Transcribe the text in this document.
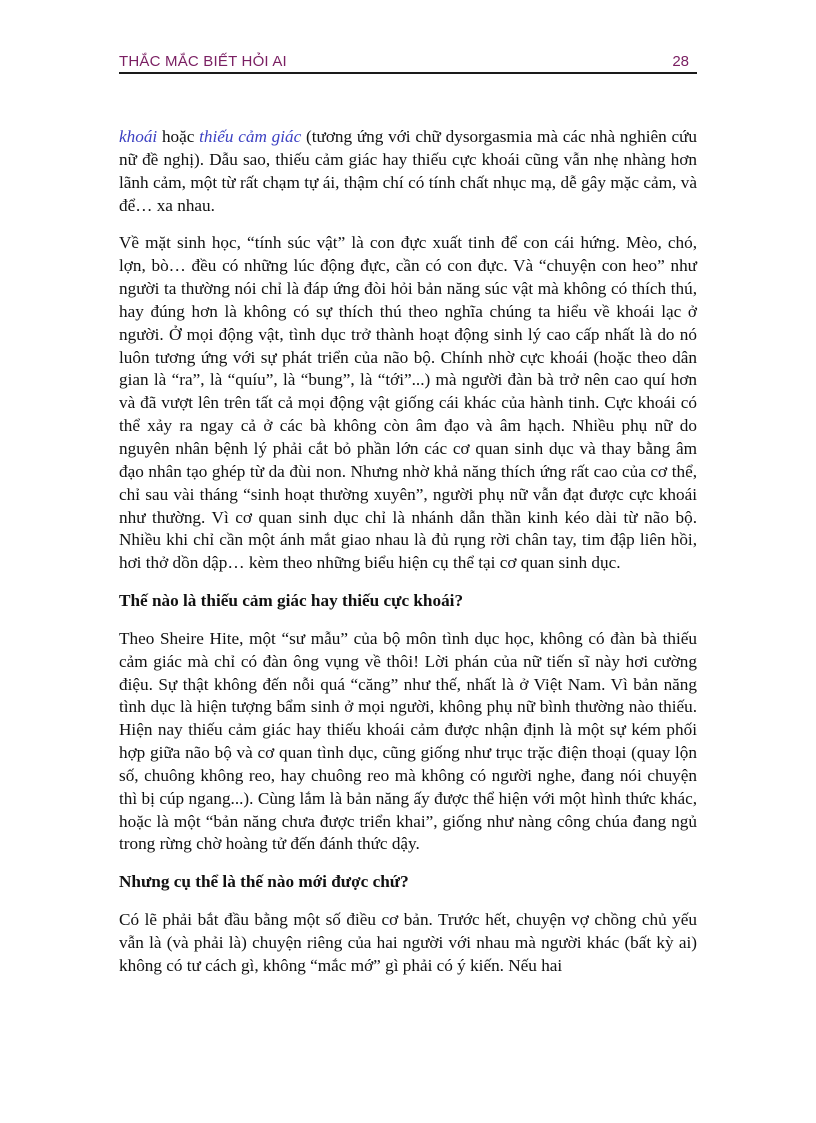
THẮC MẮC BIẾT HỎI AI	28

khoái hoặc thiếu cảm giác (tương ứng với chữ dysorgasmia mà các nhà nghiên cứu nữ đề nghị). Dẫu sao, thiếu cảm giác hay thiếu cực khoái cũng vẫn nhẹ nhàng hơn lãnh cảm, một từ rất chạm tự ái, thậm chí có tính chất nhục mạ, dễ gây mặc cảm, và để… xa nhau.

Về mặt sinh học, “tính súc vật” là con đực xuất tinh để con cái hứng. Mèo, chó, lợn, bò… đều có những lúc động đực, cần có con đực. Và “chuyện con heo” như người ta thường nói chỉ là đáp ứng đòi hỏi bản năng súc vật mà không có thích thú, hay đúng hơn là không có sự thích thú theo nghĩa chúng ta hiểu về khoái lạc ở người. Ở mọi động vật, tình dục trở thành hoạt động sinh lý cao cấp nhất là do nó luôn tương ứng với sự phát triển của não bộ. Chính nhờ cực khoái (hoặc theo dân gian là “ra”, là “quíu”, là “bung”, là “tới”...) mà người đàn bà trở nên cao quí hơn và đã vượt lên trên tất cả mọi động vật giống cái khác của hành tinh. Cực khoái có thể xảy ra ngay cả ở các bà không còn âm đạo và âm hạch. Nhiều phụ nữ do nguyên nhân bệnh lý phải cắt bỏ phần lớn các cơ quan sinh dục và thay bằng âm đạo nhân tạo ghép từ da đùi non. Nhưng nhờ khả năng thích ứng rất cao của cơ thể, chỉ sau vài tháng “sinh hoạt thường xuyên”, người phụ nữ vẫn đạt được cực khoái như thường. Vì cơ quan sinh dục chỉ là nhánh dẫn thần kinh kéo dài từ não bộ. Nhiều khi chỉ cần một ánh mắt giao nhau là đủ rụng rời chân tay, tim đập liên hồi, hơi thở dồn dập… kèm theo những biểu hiện cụ thể tại cơ quan sinh dục.

Thế nào là thiếu cảm giác hay thiếu cực khoái?

Theo Sheire Hite, một “sư mẫu” của bộ môn tình dục học, không có đàn bà thiếu cảm giác mà chỉ có đàn ông vụng về thôi! Lời phán của nữ tiến sĩ này hơi cường điệu. Sự thật không đến nỗi quá “căng” như thế, nhất là ở Việt Nam. Vì bản năng tình dục là hiện tượng bẩm sinh ở mọi người, không phụ nữ bình thường nào thiếu. Hiện nay thiếu cảm giác hay thiếu khoái cảm được nhận định là một sự kém phối hợp giữa não bộ và cơ quan tình dục, cũng giống như trục trặc điện thoại (quay lộn số, chuông không reo, hay chuông reo mà không có người nghe, đang nói chuyện thì bị cúp ngang...). Cùng lắm là bản năng ấy được thể hiện với một hình thức khác, hoặc là một “bản năng chưa được triển khai”, giống như nàng công chúa đang ngủ trong rừng chờ hoàng tử đến đánh thức dậy.

Nhưng cụ thể là thế nào mới được chứ?

Có lẽ phải bắt đầu bằng một số điều cơ bản. Trước hết, chuyện vợ chồng chủ yếu vẫn là (và phải là) chuyện riêng của hai người với nhau mà người khác (bất kỳ ai) không có tư cách gì, không “mắc mớ” gì phải có ý kiến. Nếu hai
